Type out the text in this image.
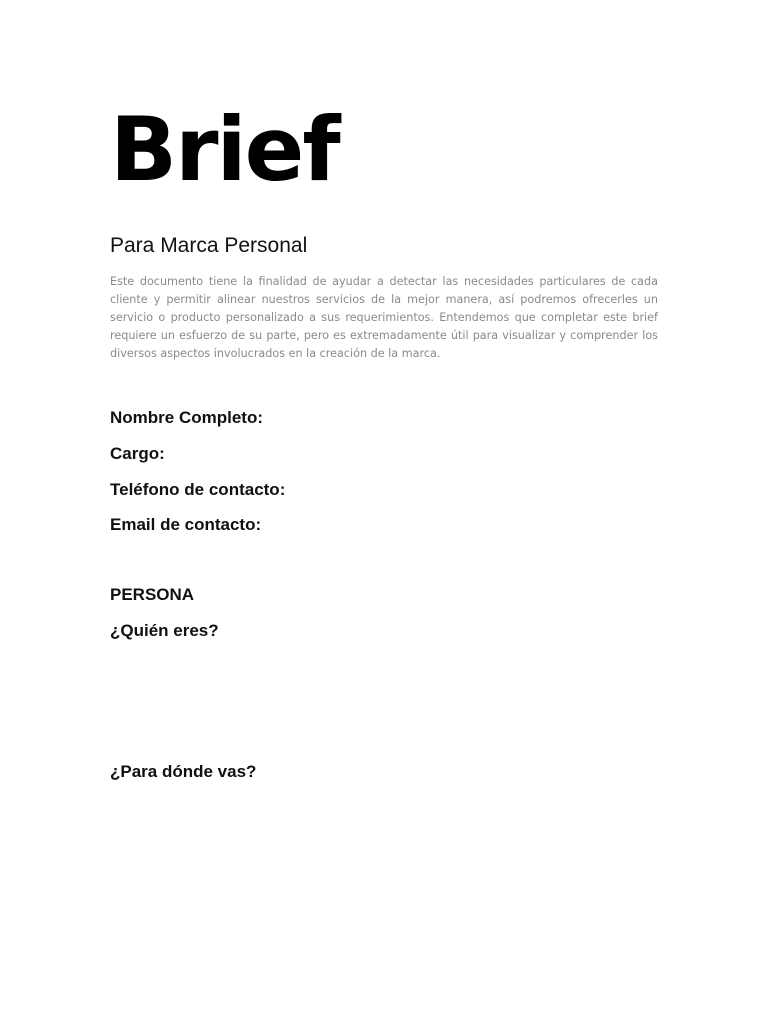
Brief
Para Marca Personal

Este documento tiene la finalidad de ayudar a detectar las necesidades particulares de cada cliente y permitir alinear nuestros servicios de la mejor manera, así podremos ofrecerles un servicio o producto personalizado a sus requerimientos. Entendemos que completar este brief requiere un esfuerzo de su parte, pero es extremadamente útil para visualizar y comprender los diversos aspectos involucrados en la creación de la marca.

Nombre Completo:
Cargo:
Teléfono de contacto:
Email de contacto:
PERSONA
¿Quién eres?
¿Para dónde vas?
